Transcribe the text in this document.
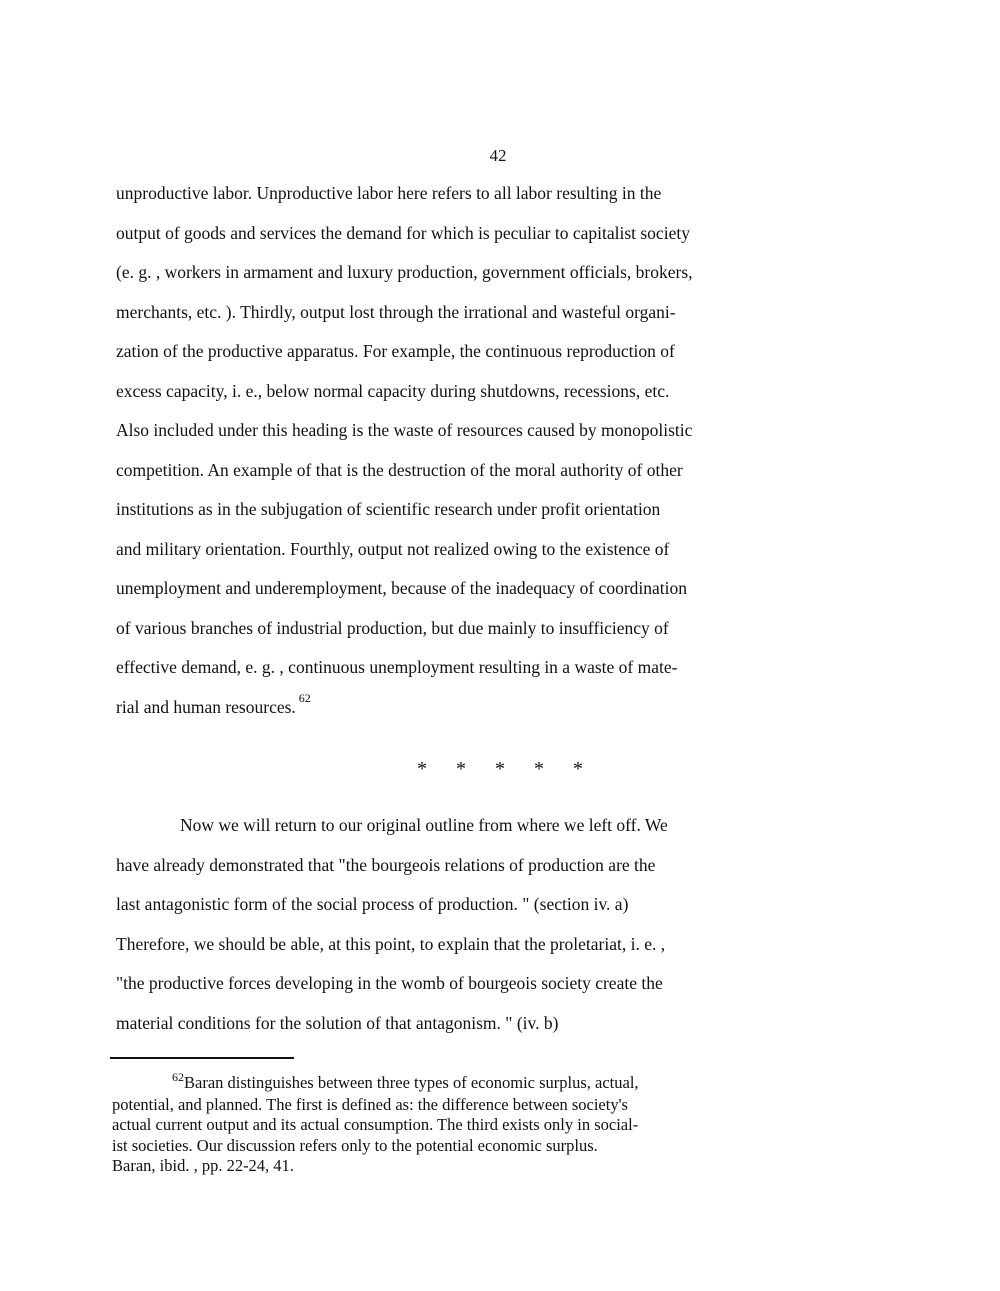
42
unproductive labor. Unproductive labor here refers to all labor resulting in the
output of goods and services the demand for which is peculiar to capitalist society
(e. g. , workers in armament and luxury production, government officials, brokers,
merchants, etc. ). Thirdly, output lost through the irrational and wasteful organi-
zation of the productive apparatus. For example, the continuous reproduction of
excess capacity, i. e., below normal capacity during shutdowns, recessions, etc.
Also included under this heading is the waste of resources caused by monopolistic
competition. An example of that is the destruction of the moral authority of other
institutions as in the subjugation of scientific research under profit orientation
and military orientation. Fourthly, output not realized owing to the existence of
unemployment and underemployment, because of the inadequacy of coordination
of various branches of industrial production, but due mainly to insufficiency of
effective demand, e. g. , continuous unemployment resulting in a waste of mate-
rial and human resources. $^{62}$
* * * * *
Now we will return to our original outline from where we left off. We
have already demonstrated that "the bourgeois relations of production are the
last antagonistic form of the social process of production. " (section iv. a)
Therefore, we should be able, at this point, to explain that the proletariat, i. e. ,
"the productive forces developing in the womb of bourgeois society create the
material conditions for the solution of that antagonism. " (iv. b)
$^{62}$Baran distinguishes between three types of economic surplus, actual,
potential, and planned. The first is defined as: the difference between society's
actual current output and its actual consumption. The third exists only in social-
ist societies. Our discussion refers only to the potential economic surplus.
Baran, ibid. , pp. 22-24, 41.
